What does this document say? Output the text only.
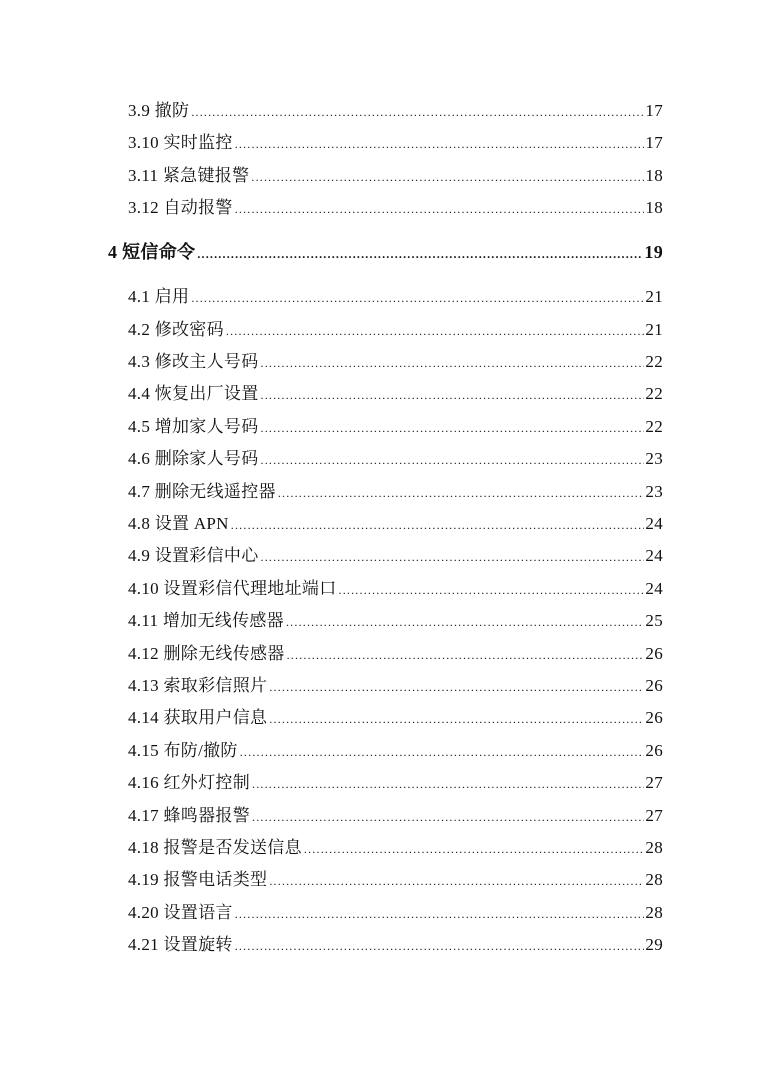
3.9 撤防 .....	17
3.10 实时监控 .....	17
3.11 紧急键报警 .....	18
3.12 自动报警 .....	18
4 短信命令 .....	19
4.1 启用 .....	21
4.2 修改密码 .....	21
4.3 修改主人号码 .....	22
4.4 恢复出厂设置 .....	22
4.5 增加家人号码 .....	22
4.6 删除家人号码 .....	23
4.7 删除无线遥控器 .....	23
4.8 设置 APN .....	24
4.9 设置彩信中心 .....	24
4.10 设置彩信代理地址端口 .....	24
4.11 增加无线传感器 .....	25
4.12 删除无线传感器 .....	26
4.13 索取彩信照片 .....	26
4.14 获取用户信息 .....	26
4.15 布防/撤防 .....	26
4.16 红外灯控制 .....	27
4.17 蜂鸣器报警 .....	27
4.18 报警是否发送信息 .....	28
4.19 报警电话类型 .....	28
4.20 设置语言 .....	28
4.21 设置旋转 .....	29
